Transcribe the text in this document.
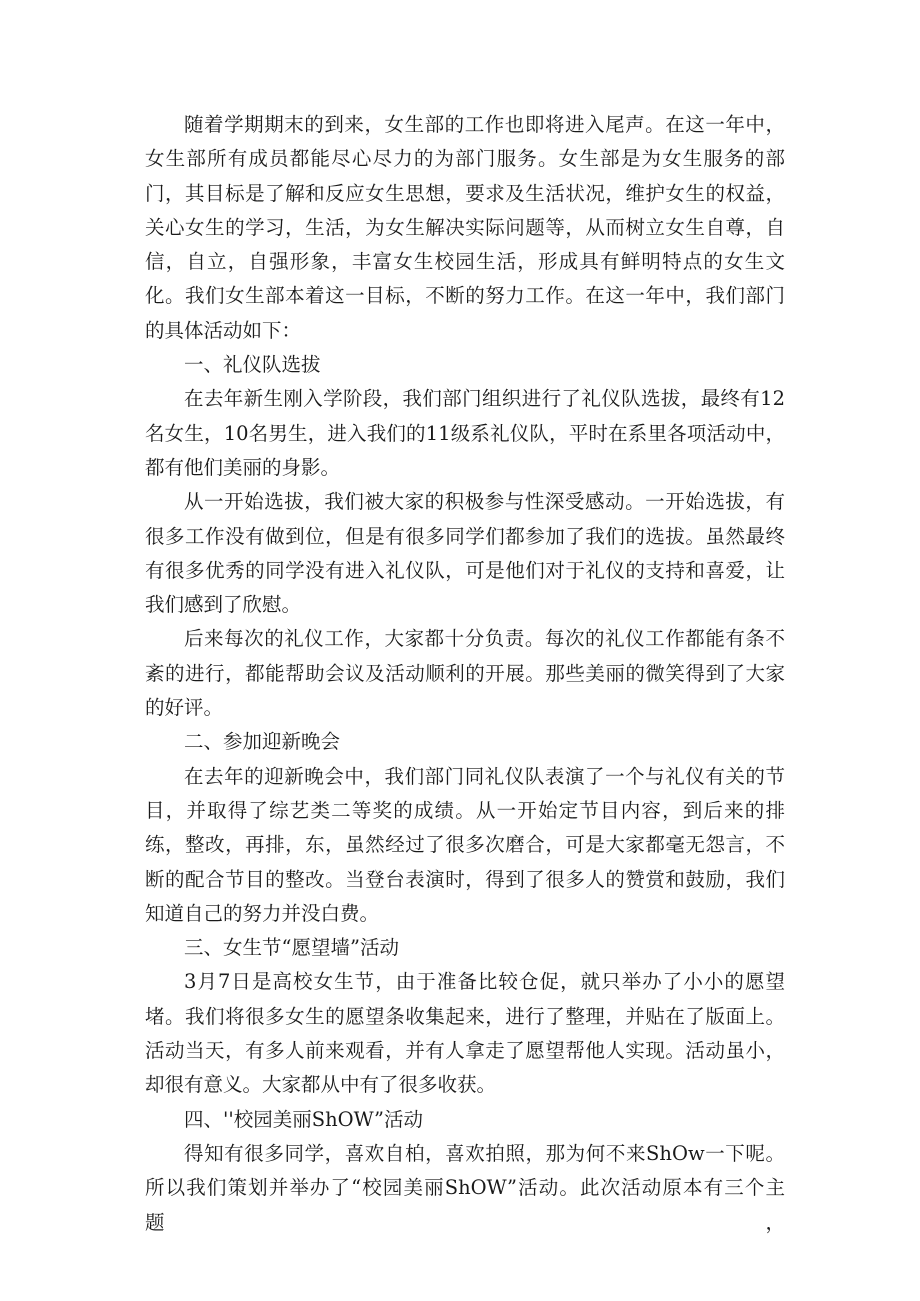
随着学期期末的到来，女生部的工作也即将进入尾声。在这一年中，女生部所有成员都能尽心尽力的为部门服务。女生部是为女生服务的部门，其目标是了解和反应女生思想，要求及生活状况，维护女生的权益，关心女生的学习，生活，为女生解决实际问题等，从而树立女生自尊，自信，自立，自强形象，丰富女生校园生活，形成具有鲜明特点的女生文化。我们女生部本着这一目标，不断的努力工作。在这一年中，我们部门的具体活动如下：

一、礼仪队选拔

在去年新生刚入学阶段，我们部门组织进行了礼仪队选拔，最终有12名女生，10名男生，进入我们的11级系礼仪队，平时在系里各项活动中，都有他们美丽的身影。

从一开始选拔，我们被大家的积极参与性深受感动。一开始选拔，有很多工作没有做到位，但是有很多同学们都参加了我们的选拔。虽然最终有很多优秀的同学没有进入礼仪队，可是他们对于礼仪的支持和喜爱，让我们感到了欣慰。

后来每次的礼仪工作，大家都十分负责。每次的礼仪工作都能有条不紊的进行，都能帮助会议及活动顺利的开展。那些美丽的微笑得到了大家的好评。

二、参加迎新晚会

在去年的迎新晚会中，我们部门同礼仪队表演了一个与礼仪有关的节目，并取得了综艺类二等奖的成绩。从一开始定节目内容，到后来的排练，整改，再排，东，虽然经过了很多次磨合，可是大家都毫无怨言，不断的配合节目的整改。当登台表演时，得到了很多人的赞赏和鼓励，我们知道自己的努力并没白费。

三、女生节“愿望墙”活动

3月7日是高校女生节，由于准备比较仓促，就只举办了小小的愿望堵。我们将很多女生的愿望条收集起来，进行了整理，并贴在了版面上。活动当天，有多人前来观看，并有人拿走了愿望帮他人实现。活动虽小，却很有意义。大家都从中有了很多收获。

四、''校园美丽ShOW”活动

得知有很多同学，喜欢自柏，喜欢拍照，那为何不来ShOw一下呢。所以我们策划并举办了“校园美丽ShOW”活动。此次活动原本有三个主题，
